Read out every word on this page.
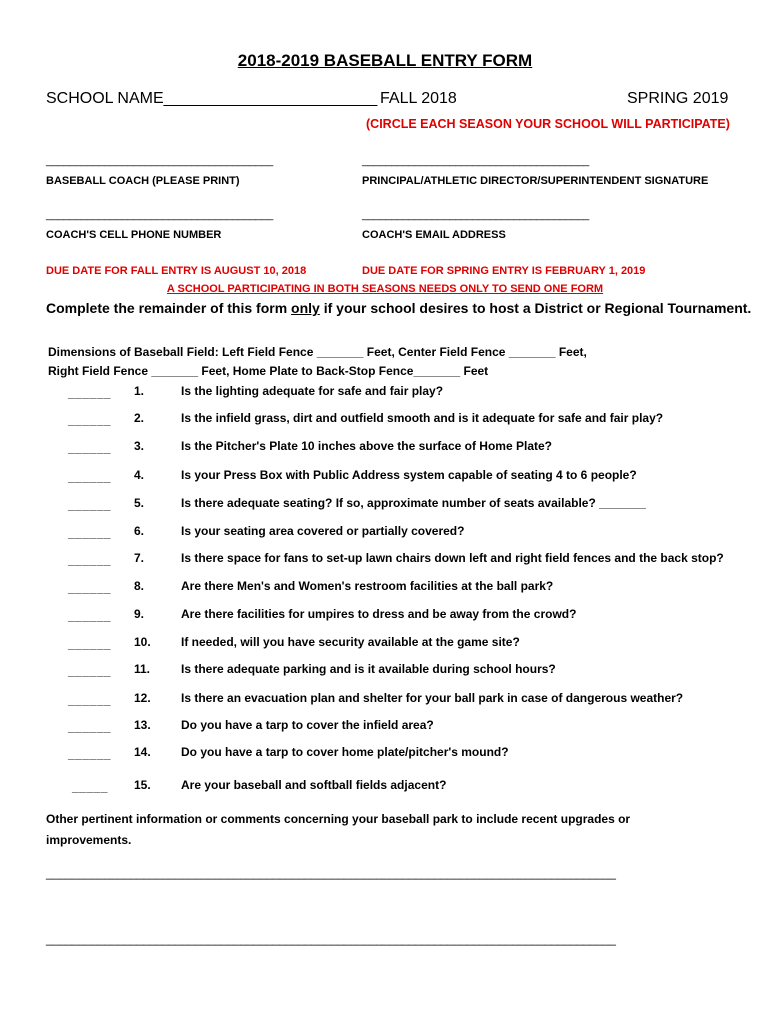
2018-2019 BASEBALL ENTRY FORM
SCHOOL NAME________________________ FALL 2018	SPRING 2019
(CIRCLE EACH SEASON YOUR SCHOOL WILL PARTICIPATE)
_______________________________________	_______________________________________
BASEBALL COACH (PLEASE PRINT)	PRINCIPAL/ATHLETIC DIRECTOR/SUPERINTENDENT SIGNATURE
_______________________________________	_______________________________________
COACH'S CELL PHONE NUMBER	COACH'S EMAIL ADDRESS
DUE DATE FOR FALL ENTRY IS AUGUST 10, 2018	DUE DATE FOR SPRING ENTRY IS FEBRUARY 1, 2019
A SCHOOL PARTICIPATING IN BOTH SEASONS NEEDS ONLY TO SEND ONE FORM
Complete the remainder of this form only if your school desires to host a District or Regional Tournament.
Dimensions of Baseball Field: Left Field Fence _______ Feet, Center Field Fence _______ Feet,
Right Field Fence _______ Feet, Home Plate to Back-Stop Fence_______ Feet
______ 1.	Is the lighting adequate for safe and fair play?
______ 2.	Is the infield grass, dirt and outfield smooth and is it adequate for safe and fair play?
______ 3.	Is the Pitcher's Plate 10 inches above the surface of Home Plate?
______ 4.	Is your Press Box with Public Address system capable of seating 4 to 6 people?
______ 5.	Is there adequate seating? If so, approximate number of seats available? _______
______ 6.	Is your seating area covered or partially covered?
______ 7.	Is there space for fans to set-up lawn chairs down left and right field fences and the back stop?
______ 8.	Are there Men's and Women's restroom facilities at the ball park?
______ 9.	Are there facilities for umpires to dress and be away from the crowd?
______ 10.	If needed, will you have security available at the game site?
______ 11.	Is there adequate parking and is it available during school hours?
______ 12.	Is there an evacuation plan and shelter for your ball park in case of dangerous weather?
______ 13.	Do you have a tarp to cover the infield area?
______ 14.	Do you have a tarp to cover home plate/pitcher's mound?
_____ 15.	Are your baseball and softball fields adjacent?
Other pertinent information or comments concerning your baseball park to include recent upgrades or improvements.
________________________________________________________________________________________
________________________________________________________________________________________
